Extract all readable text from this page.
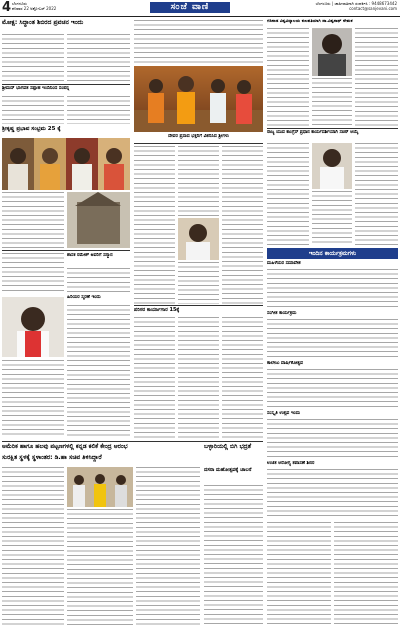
4 ಬೆಂಗಳೂರು
ಶನಿವಾರ 22 ಅಕ್ಟೋಬರ್ 2022	ಸಂಜೆ ವಾಣಿ	ಬೆಂಗಳೂರು | ಜಾಹೀರಾತಿಗಾಗಿ ಸಂಪರ್ಕಿಸಿ : 9448673442
contact@sanjevani.com
ಮೋಕ್ಷ: ಸಿದ್ಧಾಂತ ಶಿಬಿರದ ಪ್ರವಚನ ಇಂದು
ಶ್ರೀಮದ್ ಭಾಗವತ ಸಪ್ತಾಹ ಇಂದಿನಿಂದ ಸಂಪನ್ನ
ಶ್ರೀಕೃಷ್ಣ ಪ್ರಭಾವ ಸಂಭ್ರಮ 25 ಕ್ಕೆ
ಶಾಸಕ ರಮೇಶ್ ಅವರಿಗೆ ಸನ್ಮಾನ
ಹಿರಿಯರ ಸ್ಮರಣೆ ಇಂದು
ದೇವರ ಪ್ರಸಾದ ಭಕ್ತರಿಗೆ ವಿತರಿಸಿದ ಶ್ರೀಗಳು
ಪರಿಸರ ಕಾರ್ಯಾಗಾರ 15ಕ್ಕೆ
ಗಡಿನಾಡ ವಿಶ್ವವಿದ್ಯಾಲಯ ಕುಲಪತಿಯಾಗಿ ಡಾ.ವಿಶ್ವನಾಥ್ ನೇಮಕ
ರಾಜ್ಯ ಯುವ ಕಾಂಗ್ರೆಸ್ ಪ್ರಧಾನ ಕಾರ್ಯದರ್ಶಿಯಾಗಿ ಸಚಿನ್ ಆಯ್ಕೆ
ಇಂದಿನ ಕಾರ್ಯಕ್ರಮಗಳು
ಮಹಿಳೆಯರ ಸಮಾವೇಶ
ಸಂಗೀತ ಕಾರ್ಯಕ್ರಮ
ಕಾಲೇಜು ವಾರ್ಷಿಕೋತ್ಸವ
ಸಂಸ್ಕೃತಿ ಉತ್ಸವ ಇಂದು
ಉಚಿತ ಆರೋಗ್ಯ ತಪಾಸಣೆ ಶಿಬಿರ
ಅಮೆರಿಕ ಹಾಗೂ ಹಲವು ಪಟ್ಟಣಗಳಲ್ಲಿ ಕನ್ನಡ ಕಲಿಕೆ ಕೇಂದ್ರ ಆರಂಭ
ಸುರಕ್ಷಿತ ಸ್ಥಳಕ್ಕೆ ಸ್ಥಳಾಂತರ: ಡಿ.ಹಾ ಸಚಿವ ತಿಳಿಸಿದ್ದಾರೆ
ಬಳ್ಳಾರಿಯಲ್ಲಿ ಬಿಗಿ ಭದ್ರತೆ
ದಸರಾ ಮಹೋತ್ಸವಕ್ಕೆ ಚಾಲನೆ
